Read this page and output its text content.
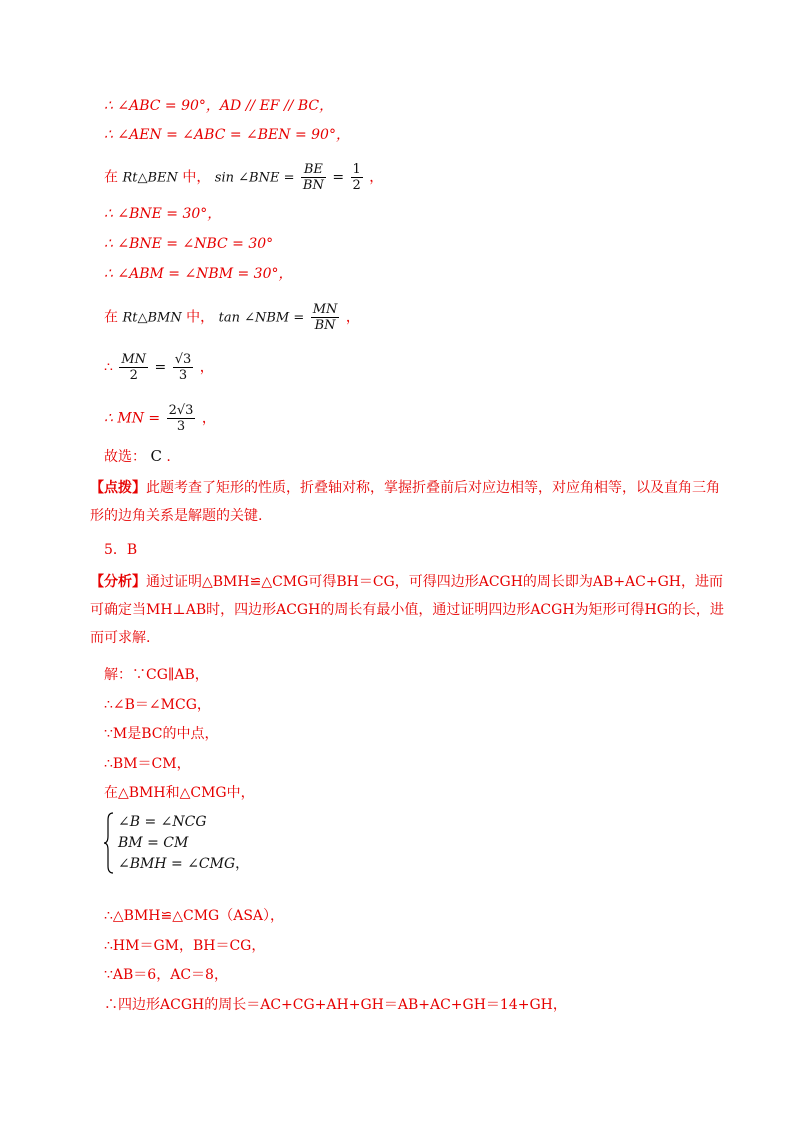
∴ ∠ABC = 90°，AD // EF // BC，
∴ ∠AEN = ∠ABC = ∠BEN = 90°，
在 Rt△BEN 中， sin ∠BNE = $\frac{BE}{BN} = \frac{1}{2}$ ，
∴ ∠BNE = 30°，
∴ ∠BNE = ∠NBC = 30°
∴ ∠ABM = ∠NBM = 30°，
在 Rt△BMN 中， tan ∠NBM = $\frac{MN}{BN}$ ，
∴ $\frac{MN}{2} = \frac{√3}{3}$ ，
∴ MN = $\frac{2√3}{3}$ ，
故选： C .
【点拨】此题考查了矩形的性质，折叠轴对称，掌握折叠前后对应边相等，对应角相等，以及直角三角形的边角关系是解题的关键.
5．B
【分析】通过证明△BMH≌△CMG可得BH＝CG，可得四边形ACGH的周长即为AB+AC+GH，进而可确定当MH⊥AB时，四边形ACGH的周长有最小值，通过证明四边形ACGH为矩形可得HG的长，进而可求解.
解：∵CG∥AB，
∴∠B＝∠MCG，
∵M是BC的中点，
∴BM＝CM，
在△BMH和△CMG中，
∠B = ∠NCG
BM = CM
∠BMH = ∠CMG，
∴△BMH≌△CMG（ASA），
∴HM＝GM，BH＝CG，
∵AB＝6，AC＝8，
∴四边形ACGH的周长＝AC+CG+AH+GH＝AB+AC+GH＝14+GH，
